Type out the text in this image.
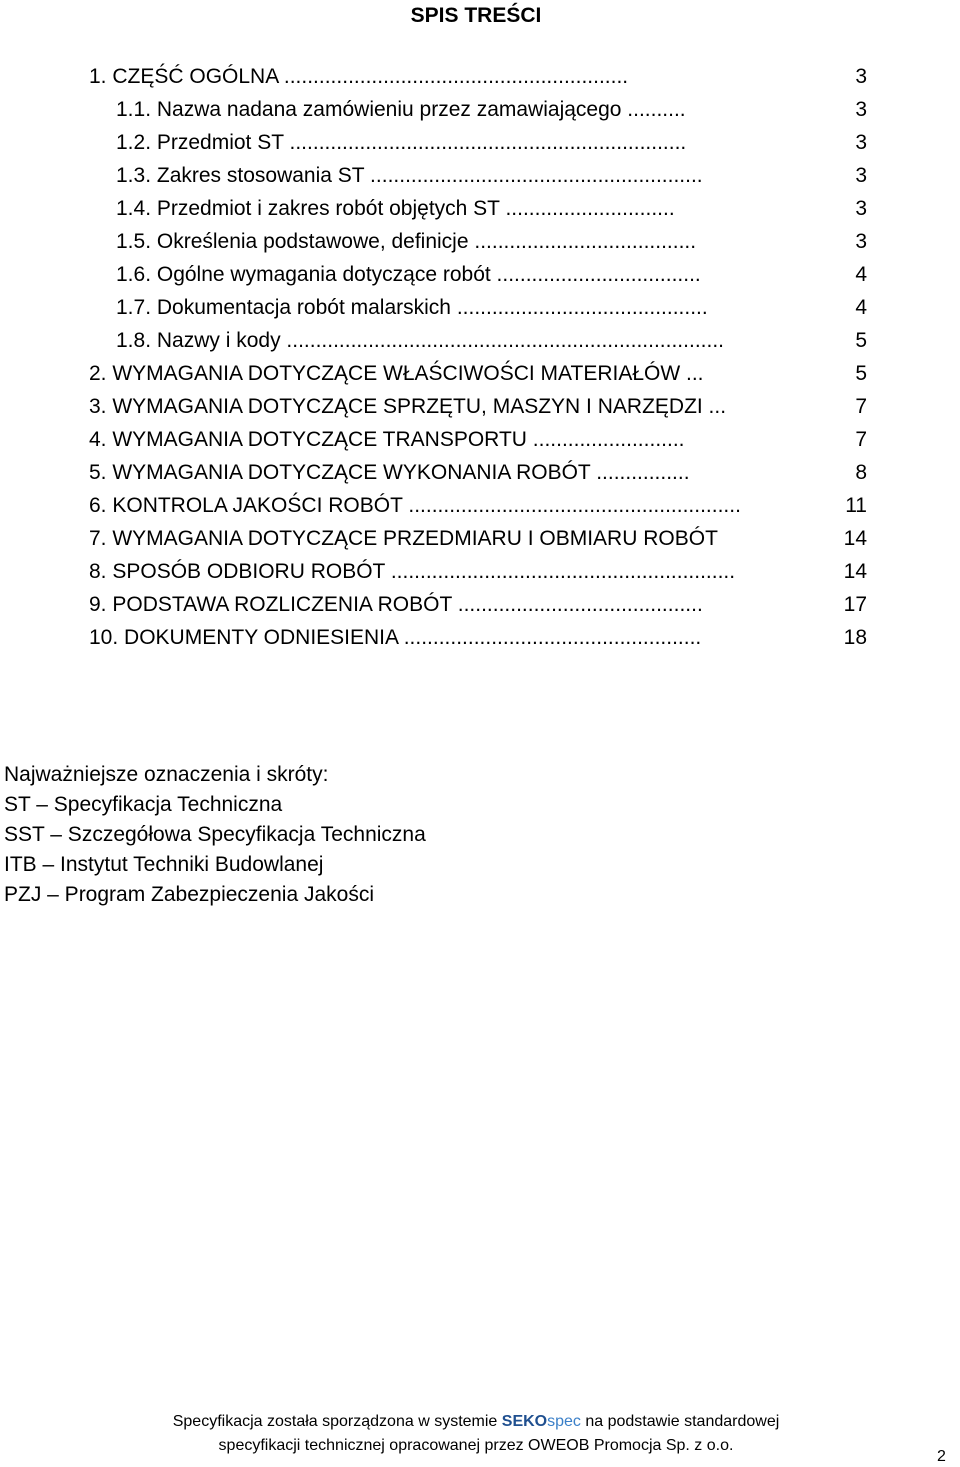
SPIS TREŚCI
1. CZĘŚĆ OGÓLNA ...........................................................	3
1.1. Nazwa nadana zamówieniu przez zamawiającego ..........	3
1.2. Przedmiot ST ....................................................................	3
1.3. Zakres stosowania ST .........................................................	3
1.4. Przedmiot i zakres robót objętych ST .............................	3
1.5. Określenia podstawowe, definicje ......................................	3
1.6. Ogólne wymagania dotyczące robót ...................................	4
1.7. Dokumentacja robót malarskich ...........................................	4
1.8. Nazwy i kody ...........................................................................	5
2. WYMAGANIA DOTYCZĄCE WŁAŚCIWOŚCI MATERIAŁÓW ...	5
3. WYMAGANIA DOTYCZĄCE SPRZĘTU, MASZYN I NARZĘDZI ...	7
4. WYMAGANIA DOTYCZĄCE TRANSPORTU ..........................	7
5. WYMAGANIA DOTYCZĄCE WYKONANIA ROBÓT ................	8
6. KONTROLA JAKOŚCI ROBÓT .........................................................	11
7. WYMAGANIA DOTYCZĄCE PRZEDMIARU I OBMIARU ROBÓT	14
8. SPOSÓB ODBIORU ROBÓT ...........................................................	14
9. PODSTAWA ROZLICZENIA ROBÓT ..........................................	17
10. DOKUMENTY ODNIESIENIA ...................................................	18
Najważniejsze oznaczenia i skróty:
ST – Specyfikacja Techniczna
SST – Szczegółowa Specyfikacja Techniczna
ITB – Instytut Techniki Budowlanej
PZJ – Program Zabezpieczenia Jakości
Specyfikacja została sporządzona w systemie SEKOspec na podstawie standardowej
specyfikacji technicznej opracowanej przez OWEOB Promocja Sp. z o.o.
2
